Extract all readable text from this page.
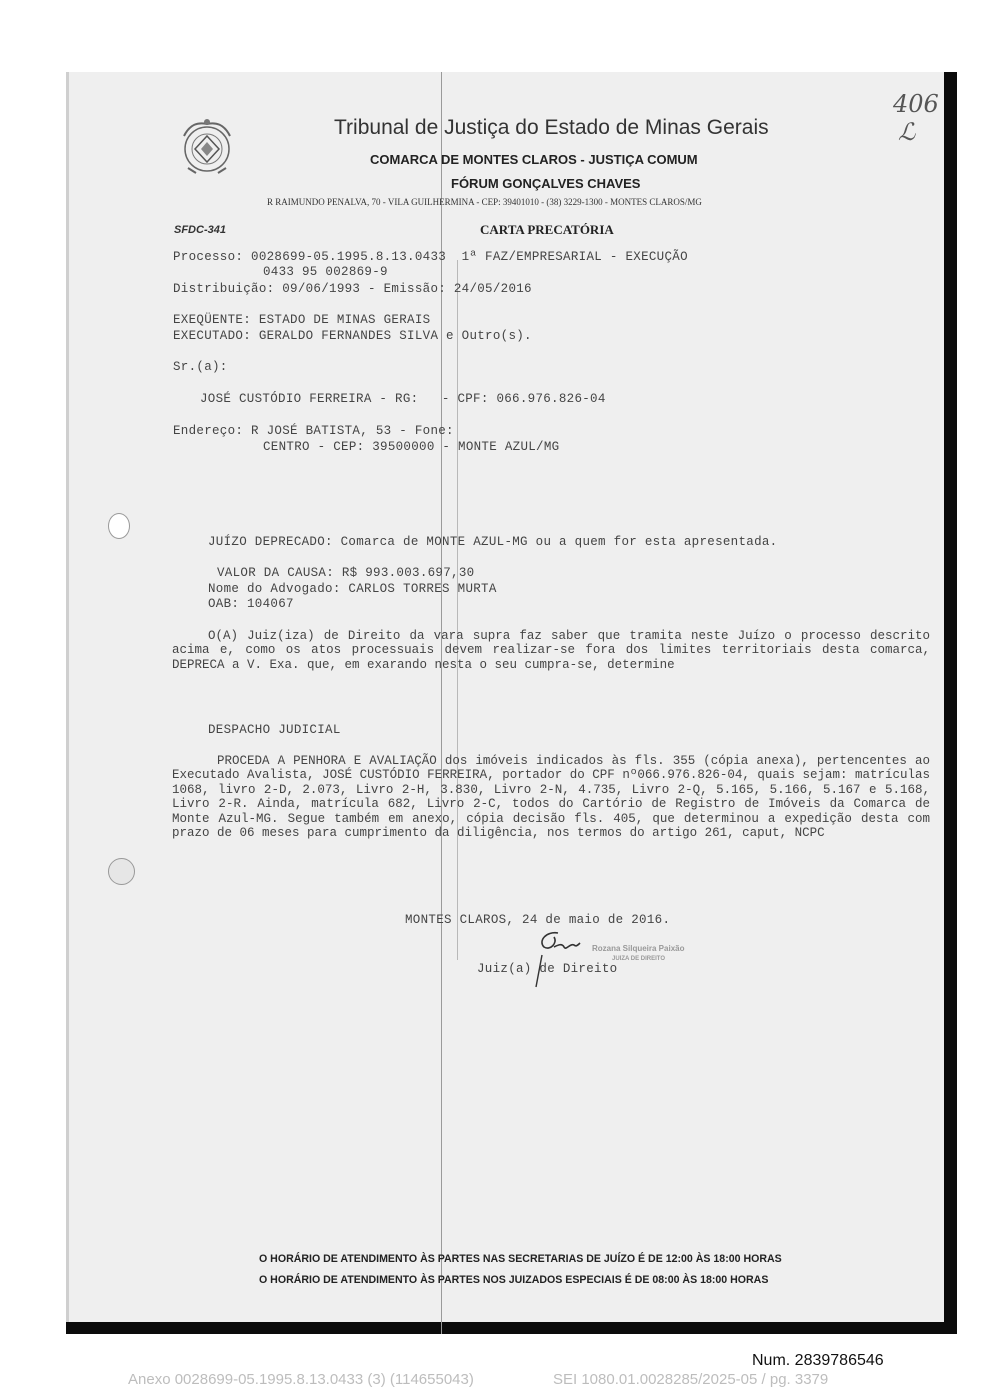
406
ℒ
Tribunal de Justiça do Estado de Minas Gerais
COMARCA DE MONTES CLAROS - JUSTIÇA COMUM
FÓRUM GONÇALVES CHAVES
R RAIMUNDO PENALVA, 70 - VILA GUILHERMINA - CEP: 39401010 - (38) 3229-1300 - MONTES CLAROS/MG
SFDC-341	CARTA PRECATÓRIA
Processo: 0028699-05.1995.8.13.0433  1ª FAZ/EMPRESARIAL - EXECUÇÃO
0433 95 002869-9
Distribuição: 09/06/1993 - Emissão: 24/05/2016
EXEQÜENTE: ESTADO DE MINAS GERAIS
EXECUTADO: GERALDO FERNANDES SILVA e Outro(s).
Sr.(a):
JOSÉ CUSTÓDIO FERREIRA - RG:   - CPF: 066.976.826-04
Endereço: R JOSÉ BATISTA, 53 - Fone:
CENTRO - CEP: 39500000 - MONTE AZUL/MG
JUÍZO DEPRECADO: Comarca de MONTE AZUL-MG ou a quem for esta apresentada.
VALOR DA CAUSA: R$ 993.003.697,30
Nome do Advogado: CARLOS TORRES MURTA
OAB: 104067
O(A) Juiz(iza) de Direito da vara supra faz saber que tramita neste Juízo o processo descrito acima e, como os atos processuais devem realizar-se fora dos limites territoriais desta comarca, DEPRECA a V. Exa. que, em exarando nesta o seu cumpra-se, determine
DESPACHO JUDICIAL
PROCEDA A PENHORA E AVALIAÇÃO dos imóveis indicados às fls. 355 (cópia anexa), pertencentes ao Executado Avalista, JOSÉ CUSTÓDIO FERREIRA, portador do CPF nº066.976.826-04, quais sejam: matrículas 1068, livro 2-D, 2.073, Livro 2-H, 3.830, Livro 2-N, 4.735, Livro 2-Q, 5.165, 5.166, 5.167 e 5.168, Livro 2-R. Ainda, matrícula 682, Livro 2-C, todos do Cartório de Registro de Imóveis da Comarca de Monte Azul-MG. Segue também em anexo, cópia decisão fls. 405, que determinou a expedição desta com prazo de 06 meses para cumprimento da diligência, nos termos do artigo 261, caput, NCPC
MONTES CLAROS, 24 de maio de 2016.
Rozana Silqueira Paixão
JUIZA DE DIREITO
Juiz(a) de Direito
O HORÁRIO DE ATENDIMENTO ÀS PARTES NAS SECRETARIAS DE JUÍZO É DE 12:00 ÀS 18:00 HORAS
O HORÁRIO DE ATENDIMENTO ÀS PARTES NOS JUIZADOS ESPECIAIS É DE 08:00 ÀS 18:00 HORAS
Num. 2839786546
Anexo 0028699-05.1995.8.13.0433 (3) (114655043)	SEI 1080.01.0028285/2025-05 / pg. 3379
